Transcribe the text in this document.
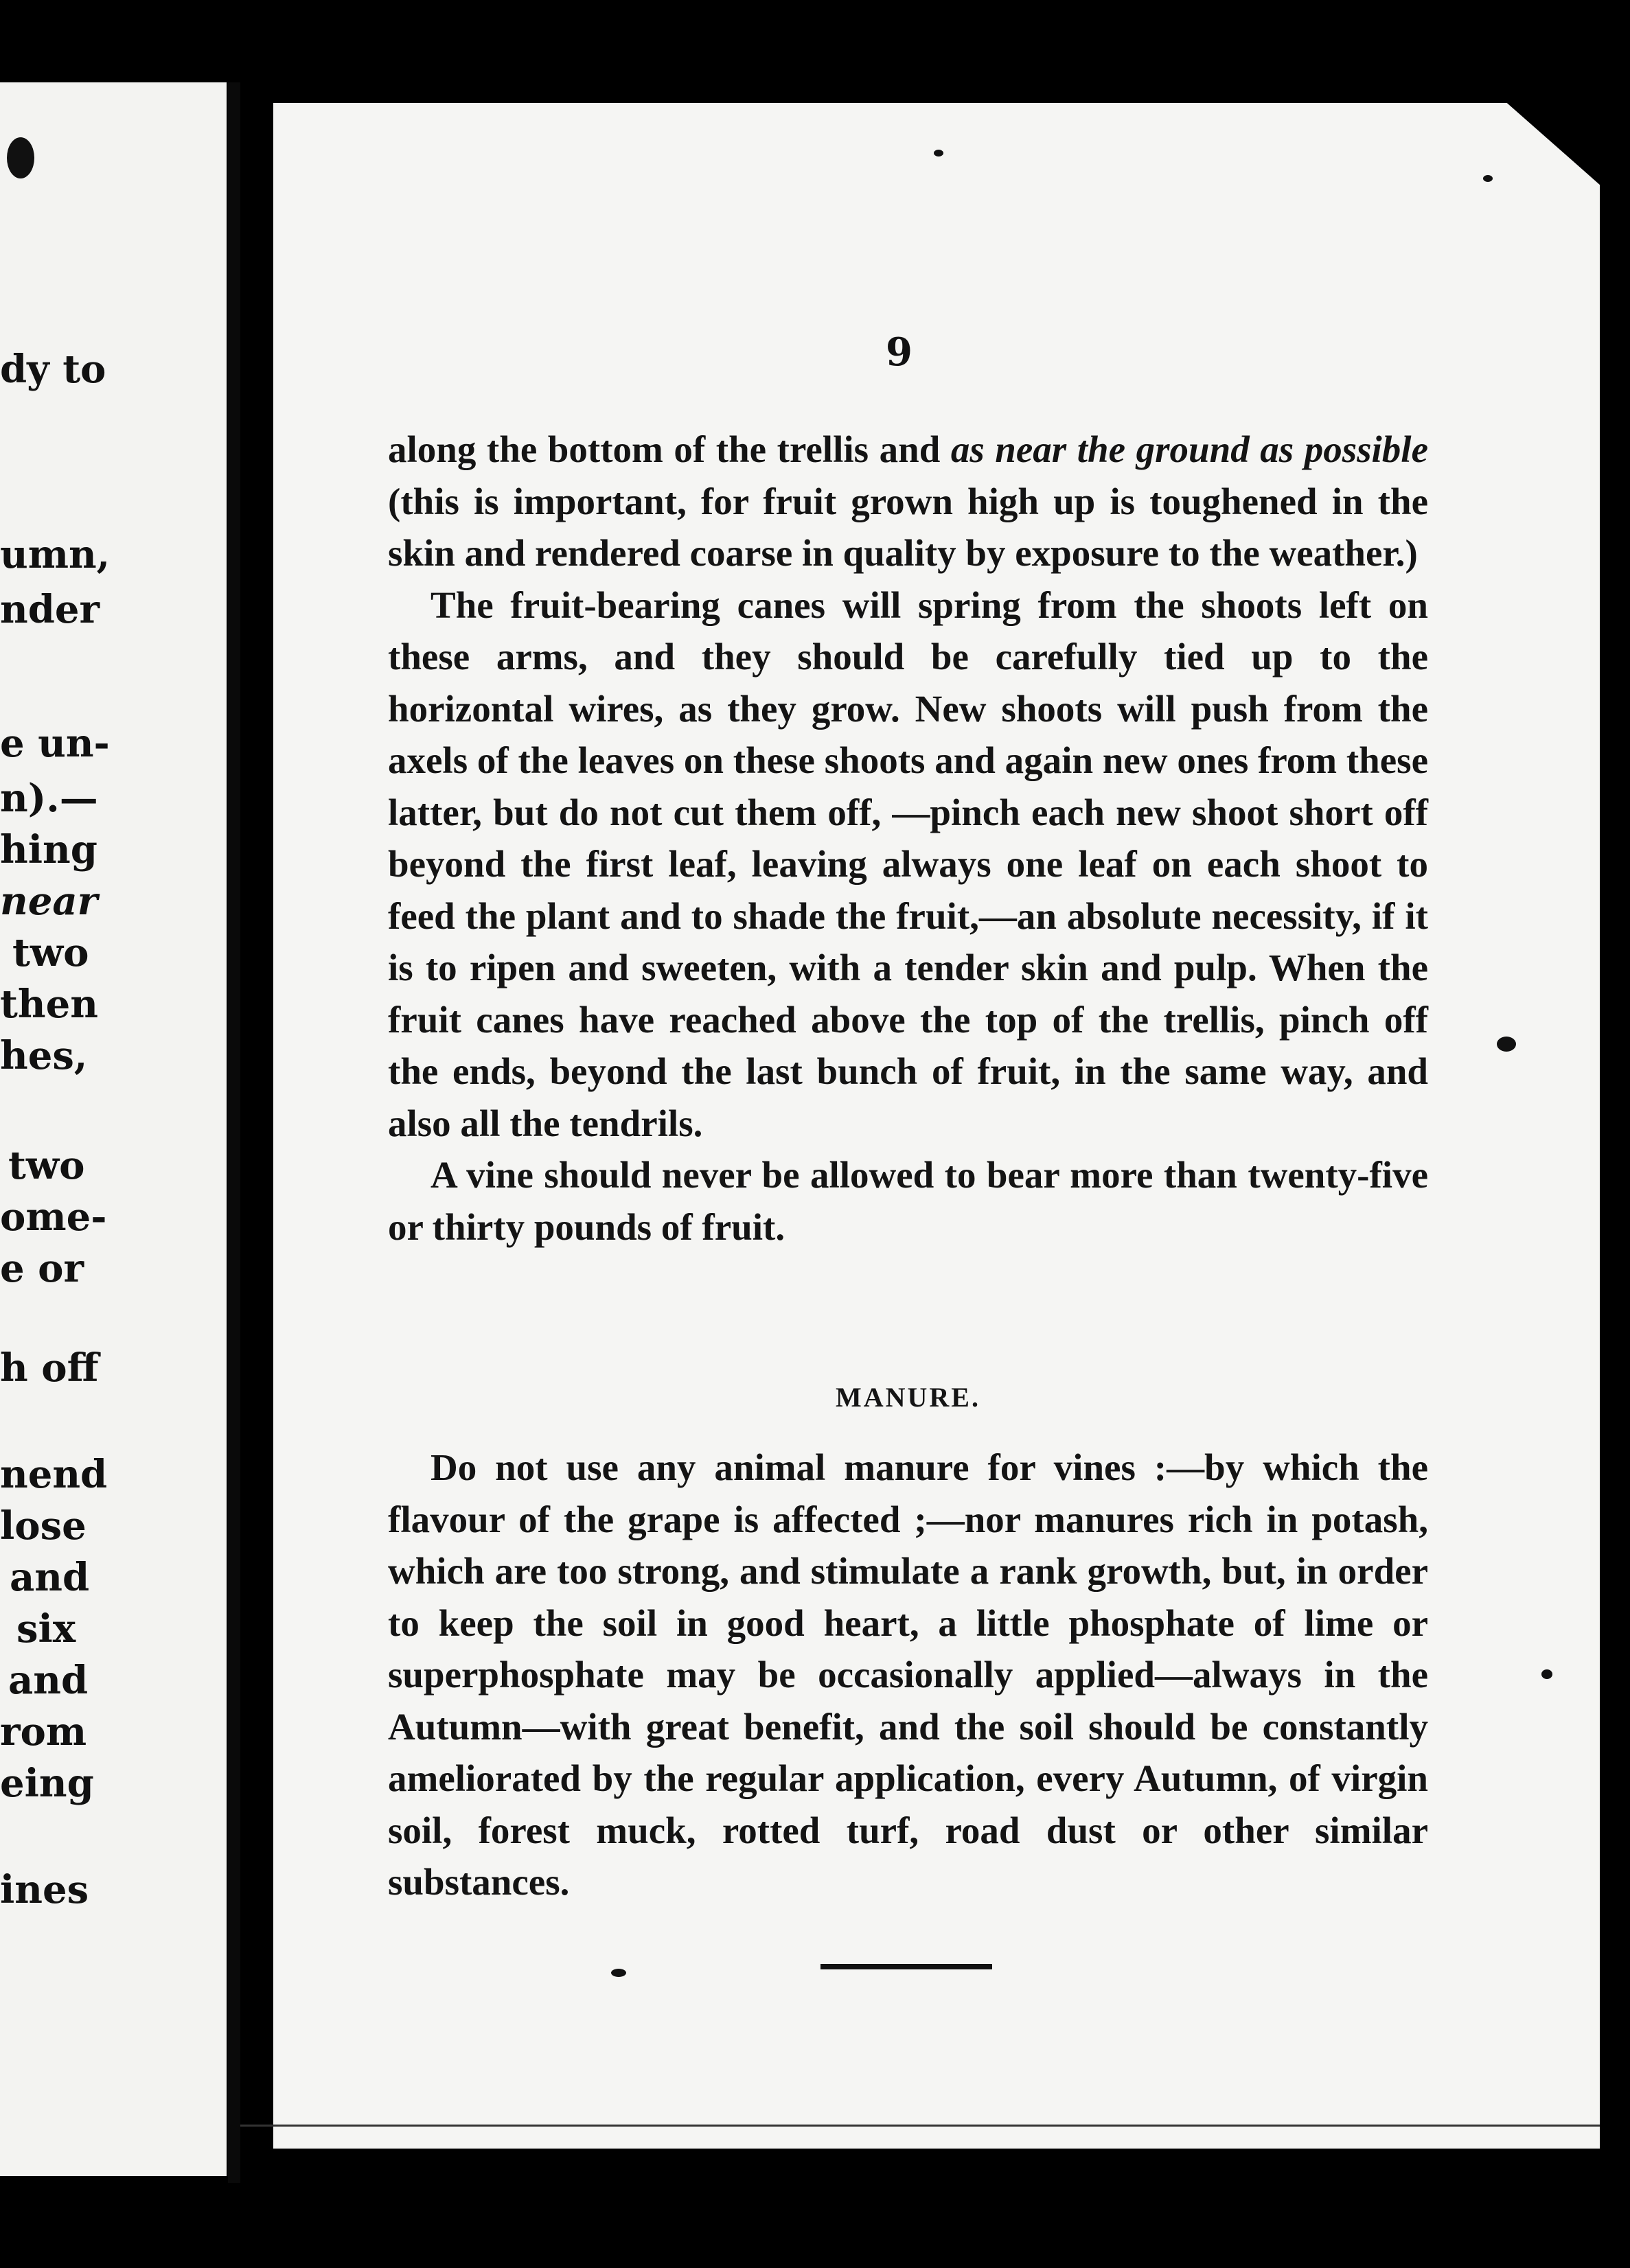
dy to
umn,
nder
e un-
n).—
hing
near
two
then
hes,
two
ome-
e or
h off
nend
lose
and
six
and
rom
eing
ines
9

along the bottom of the trellis and as near the ground as possible (this is important, for fruit grown high up is toughened in the skin and rendered coarse in quality by exposure to the weather.)

The fruit-bearing canes will spring from the shoots left on these arms, and they should be carefully tied up to the horizontal wires, as they grow. New shoots will push from the axels of the leaves on these shoots and again new ones from these latter, but do not cut them off, —pinch each new shoot short off beyond the first leaf, leaving always one leaf on each shoot to feed the plant and to shade the fruit,—an absolute necessity, if it is to ripen and sweeten, with a tender skin and pulp. When the fruit canes have reached above the top of the trellis, pinch off the ends, beyond the last bunch of fruit, in the same way, and also all the tendrils.

A vine should never be allowed to bear more than twenty-five or thirty pounds of fruit.

MANURE.

Do not use any animal manure for vines :—by which the flavour of the grape is affected ;—nor manures rich in potash, which are too strong, and stimulate a rank growth, but, in order to keep the soil in good heart, a little phosphate of lime or superphosphate may be occasionally applied—always in the Autumn—with great benefit, and the soil should be constantly ameliorated by the regular application, every Autumn, of virgin soil, forest muck, rotted turf, road dust or other similar substances.
